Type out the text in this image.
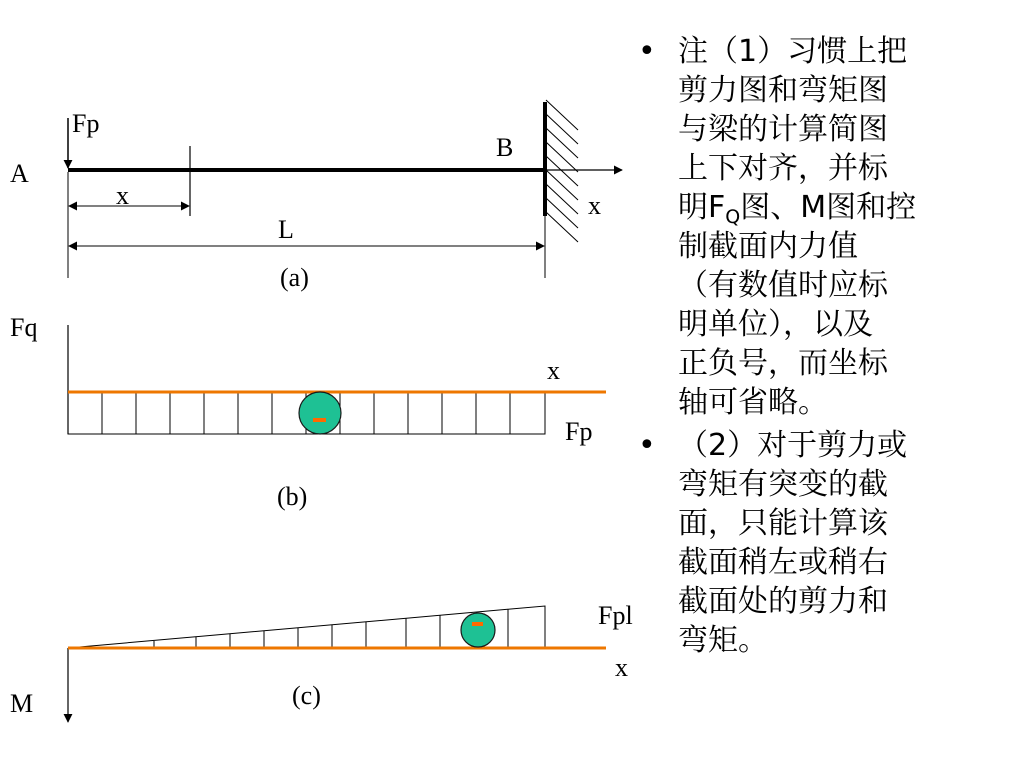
A
Fp
B
x	x
L
(a)
Fq
x
Fp
(b)
Fpl
x
M	(c)
• 注（1）习惯上把
剪力图和弯矩图
与梁的计算简图
上下对齐，并标
明$F_Q$图、M图和控
制截面内力值
（有数值时应标
明单位），以及
正负号，而坐标
轴可省略。
• （2）对于剪力或
弯矩有突变的截
面，只能计算该
截面稍左或稍右
截面处的剪力和
弯矩。
